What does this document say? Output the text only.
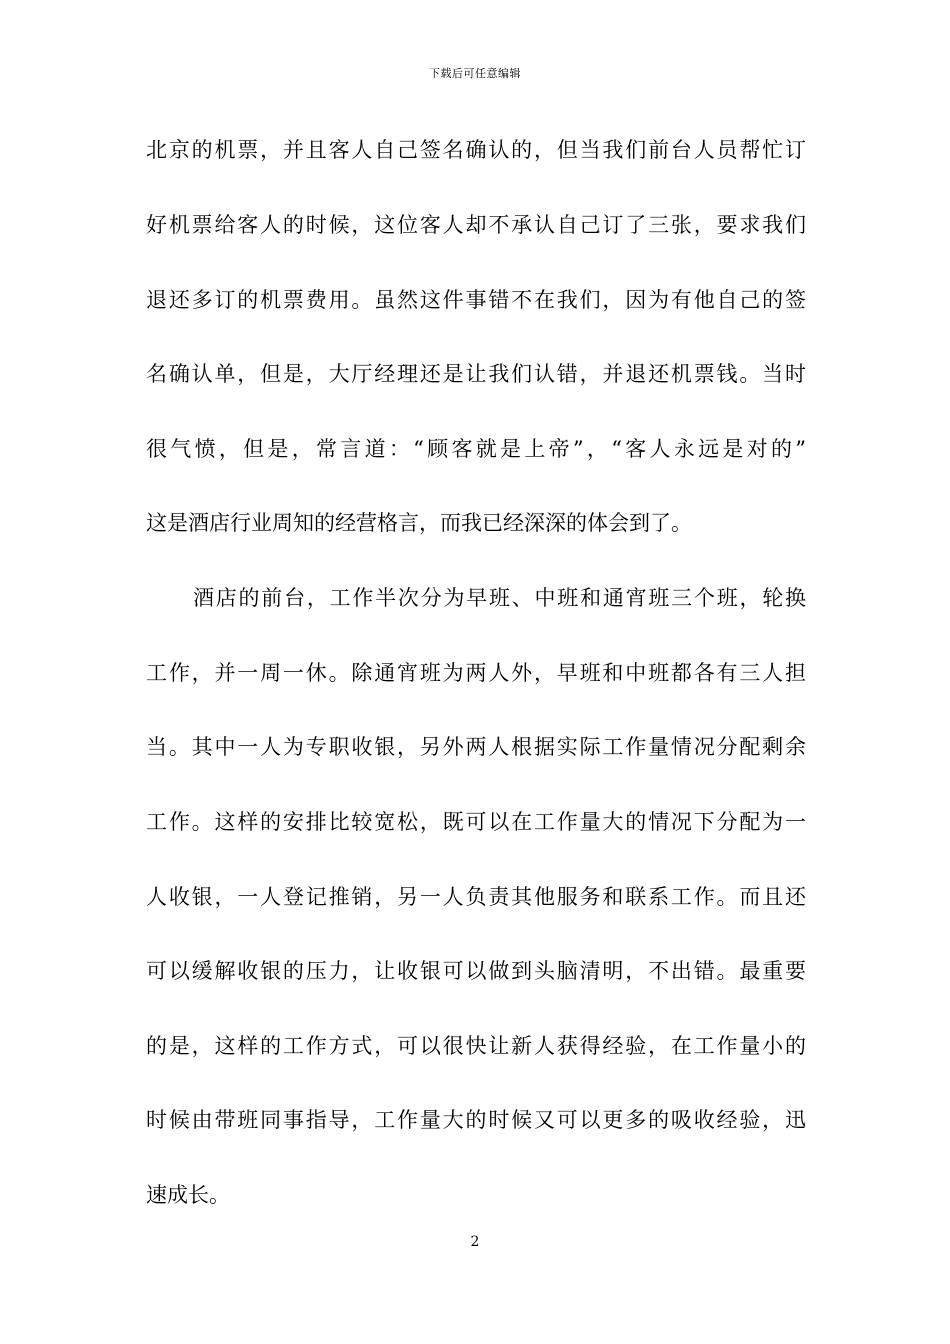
下载后可任意编辑
北京的机票，并且客人自己签名确认的，但当我们前台人员帮忙订
好机票给客人的时候，这位客人却不承认自己订了三张，要求我们
退还多订的机票费用。虽然这件事错不在我们，因为有他自己的签
名确认单，但是，大厅经理还是让我们认错，并退还机票钱。当时
很气愤，但是，常言道：“顾客就是上帝”，“客人永远是对的”
这是酒店行业周知的经营格言，而我已经深深的体会到了。
酒店的前台，工作半次分为早班、中班和通宵班三个班，轮换
工作，并一周一休。除通宵班为两人外，早班和中班都各有三人担
当。其中一人为专职收银，另外两人根据实际工作量情况分配剩余
工作。这样的安排比较宽松，既可以在工作量大的情况下分配为一
人收银，一人登记推销，另一人负责其他服务和联系工作。而且还
可以缓解收银的压力，让收银可以做到头脑清明，不出错。最重要
的是，这样的工作方式，可以很快让新人获得经验，在工作量小的
时候由带班同事指导，工作量大的时候又可以更多的吸收经验，迅
速成长。
2
